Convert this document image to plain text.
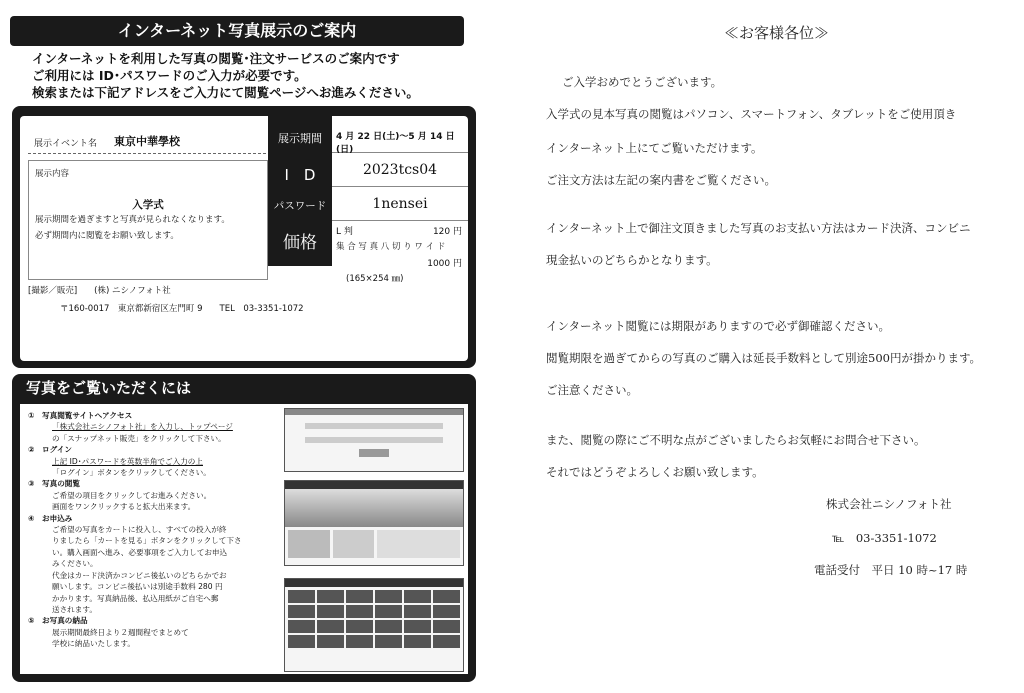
インターネット写真展示のご案内
インターネットを利用した写真の閲覧･注文サービスのご案内です
ご利用には ID･パスワードのご入力が必要です。
検索または下記アドレスをご入力にて閲覧ページへお進みください。
展示イベント名 東京中華學校
展示内容
入学式
展示期間を過ぎますと写真が見られなくなります。
必ず期間内に閲覧をお願い致します。
展示期間
I　D
パスワード
価格
4 月 22 日(土)～5 月 14 日(日)
2023tcs04
1nensei
L 判	120 円
集 合 写 真 八 切 り ワ イ ド
1000 円
(165×254 ㎜)
[撮影／販売]　　(株) ニシノフォト社
〒160-0017　東京都新宿区左門町 9　　TEL　03-3351-1072
写真をご覧いただくには
①　 写真閲覧サイトへアクセス
「株式会社ニシノフォト社」を入力し、トップページ
の「スナップネット販売」をクリックして下さい。
②　 ログイン
上記 ID･パスワードを英数半角でご入力の上
「ログイン」ボタンをクリックしてください。
③　 写真の閲覧
ご希望の項目をクリックしてお進みください。
画面をワンクリックすると拡大出来ます。
④　 お申込み
ご希望の写真をカートに投入し、すべての投入が終
りましたら「カートを見る」ボタンをクリックして下さ
い。購入画面へ進み、必要事項をご入力してお申込
みください。
代金はカード決済かコンビニ後払いのどちらかでお
願いします。コンビニ後払いは別途手数料 280 円
かかります。写真納品後、払込用紙がご自宅へ郵
送されます。
⑤　 お写真の納品
展示期間最終日より２週間程でまとめて
学校に納品いたします。
≪お客様各位≫
ご入学おめでとうございます。
入学式の見本写真の閲覧はパソコン、スマートフォン、タブレットをご使用頂き
インターネット上にてご覧いただけます。
ご注文方法は左記の案内書をご覧ください。
インターネット上で御注文頂きました写真のお支払い方法はカード決済、コンビニ
現金払いのどちらかとなります。
インターネット閲覧には期限がありますので必ず御確認ください。
閲覧期限を過ぎてからの写真のご購入は延長手数料として別途500円が掛かります。
ご注意ください。
また、閲覧の際にご不明な点がございましたらお気軽にお問合せ下さい。
それではどうぞよろしくお願い致します。
株式会社ニシノフォト社
℡　03-3351-1072
電話受付　平日 10 時~17 時
